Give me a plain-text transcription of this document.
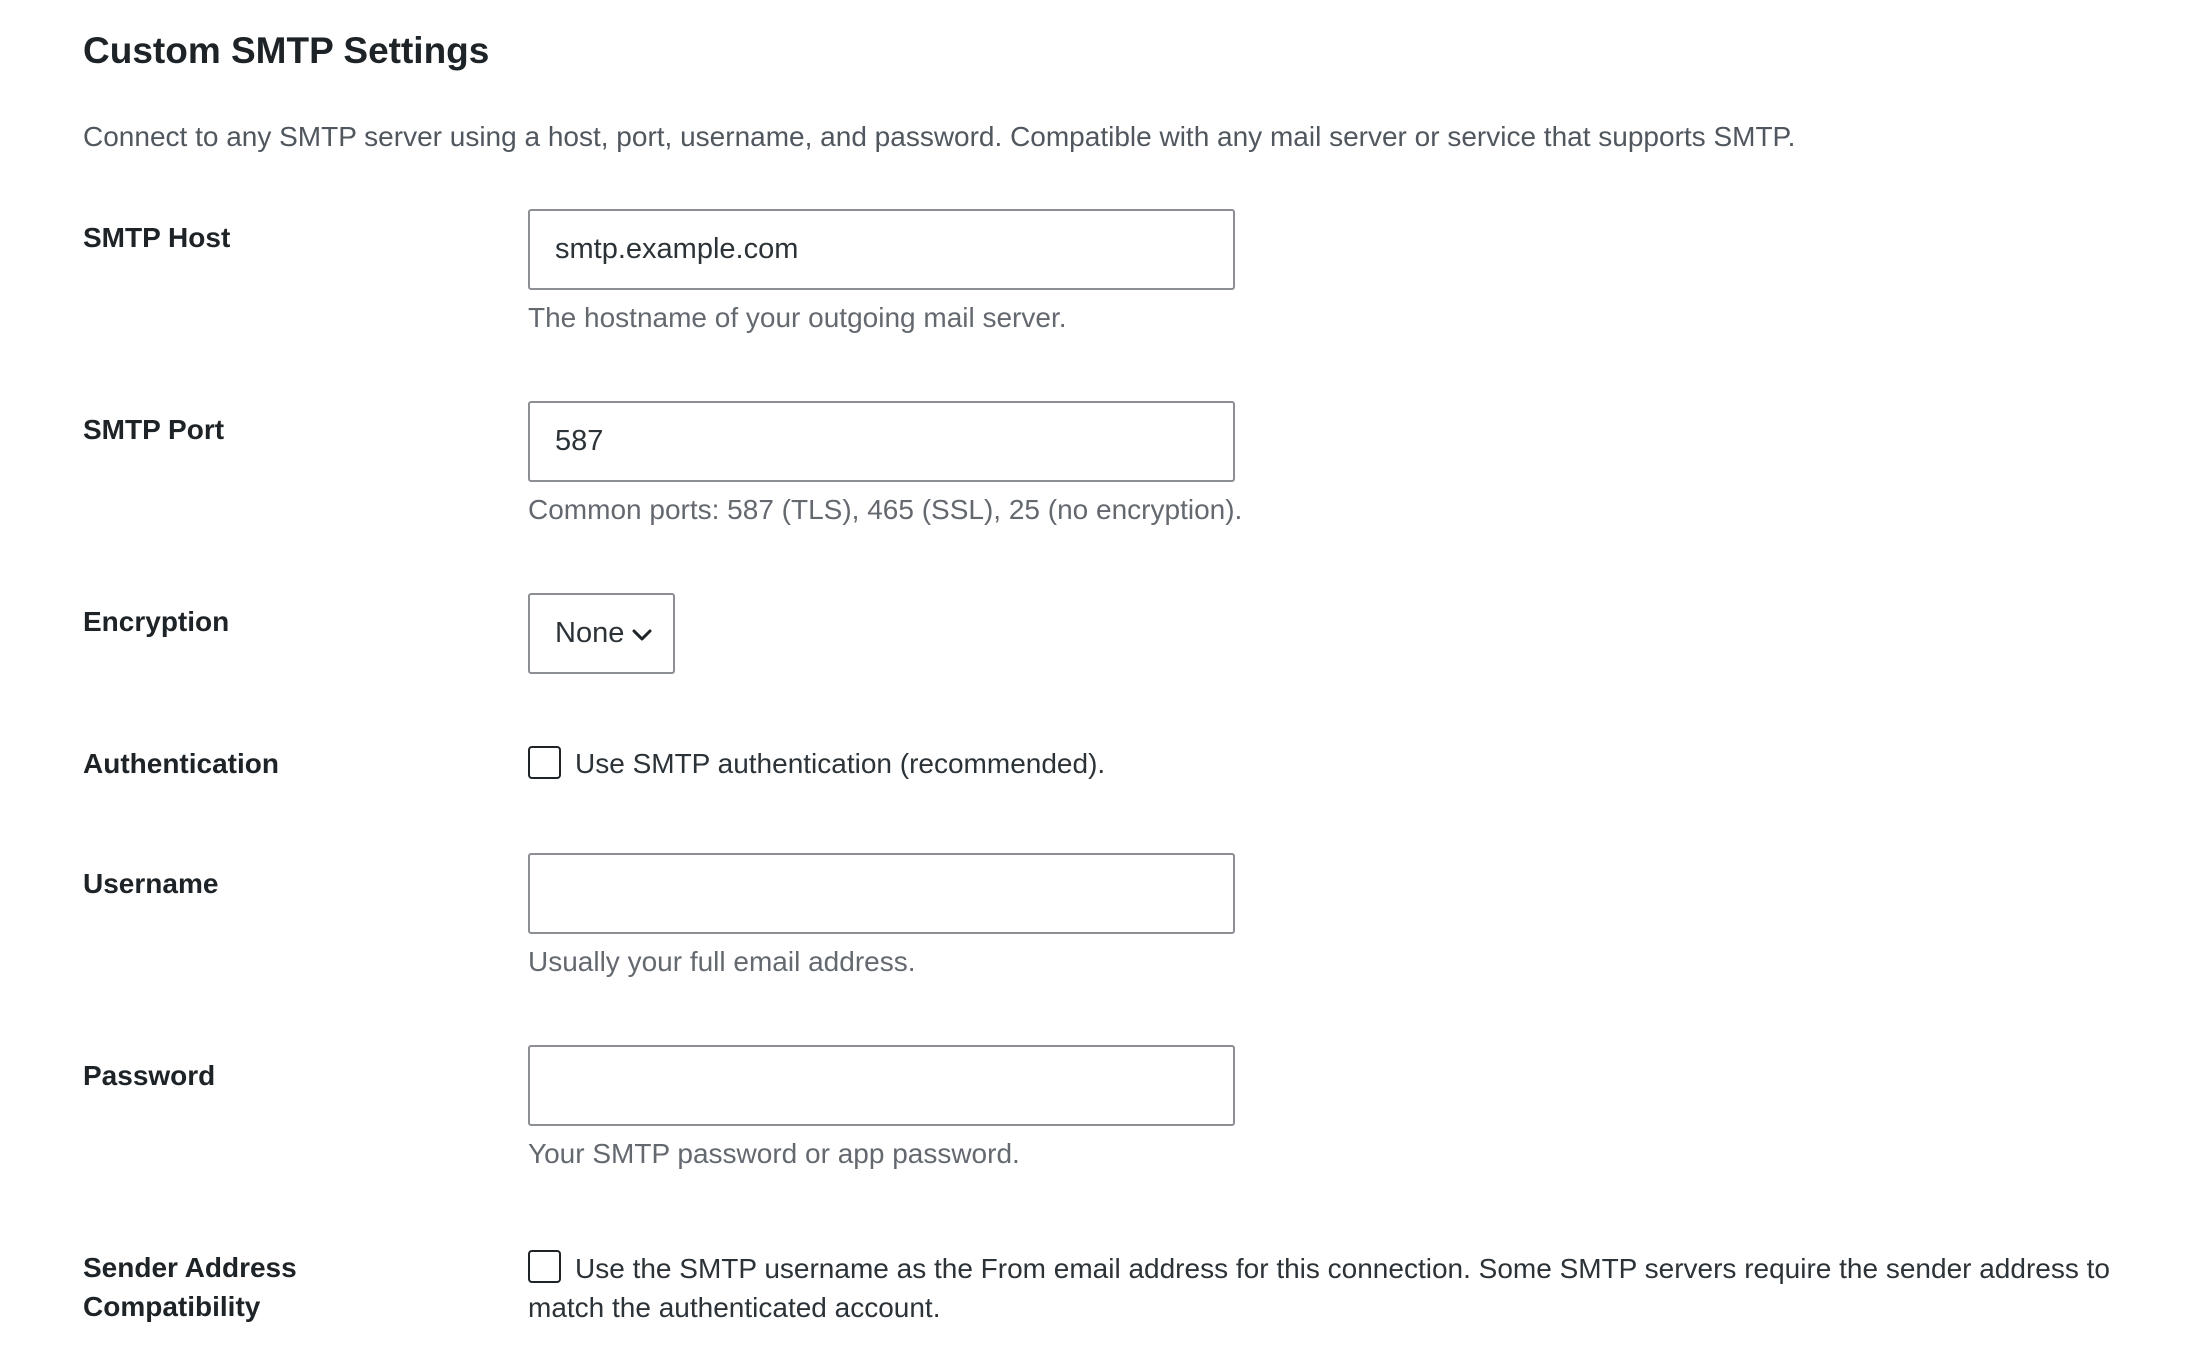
Custom SMTP Settings

Connect to any SMTP server using a host, port, username, and password. Compatible with any mail server or service that supports SMTP.

SMTP Host
smtp.example.com
The hostname of your outgoing mail server.
SMTP Port
587
Common ports: 587 (TLS), 465 (SSL), 25 (no encryption).
Encryption	None
Authentication	Use SMTP authentication (recommended).
Username
Usually your full email address.
Password
Your SMTP password or app password.
Sender Address
Compatibility
Use the SMTP username as the From email address for this connection. Some SMTP servers require the sender address to match the authenticated account.
